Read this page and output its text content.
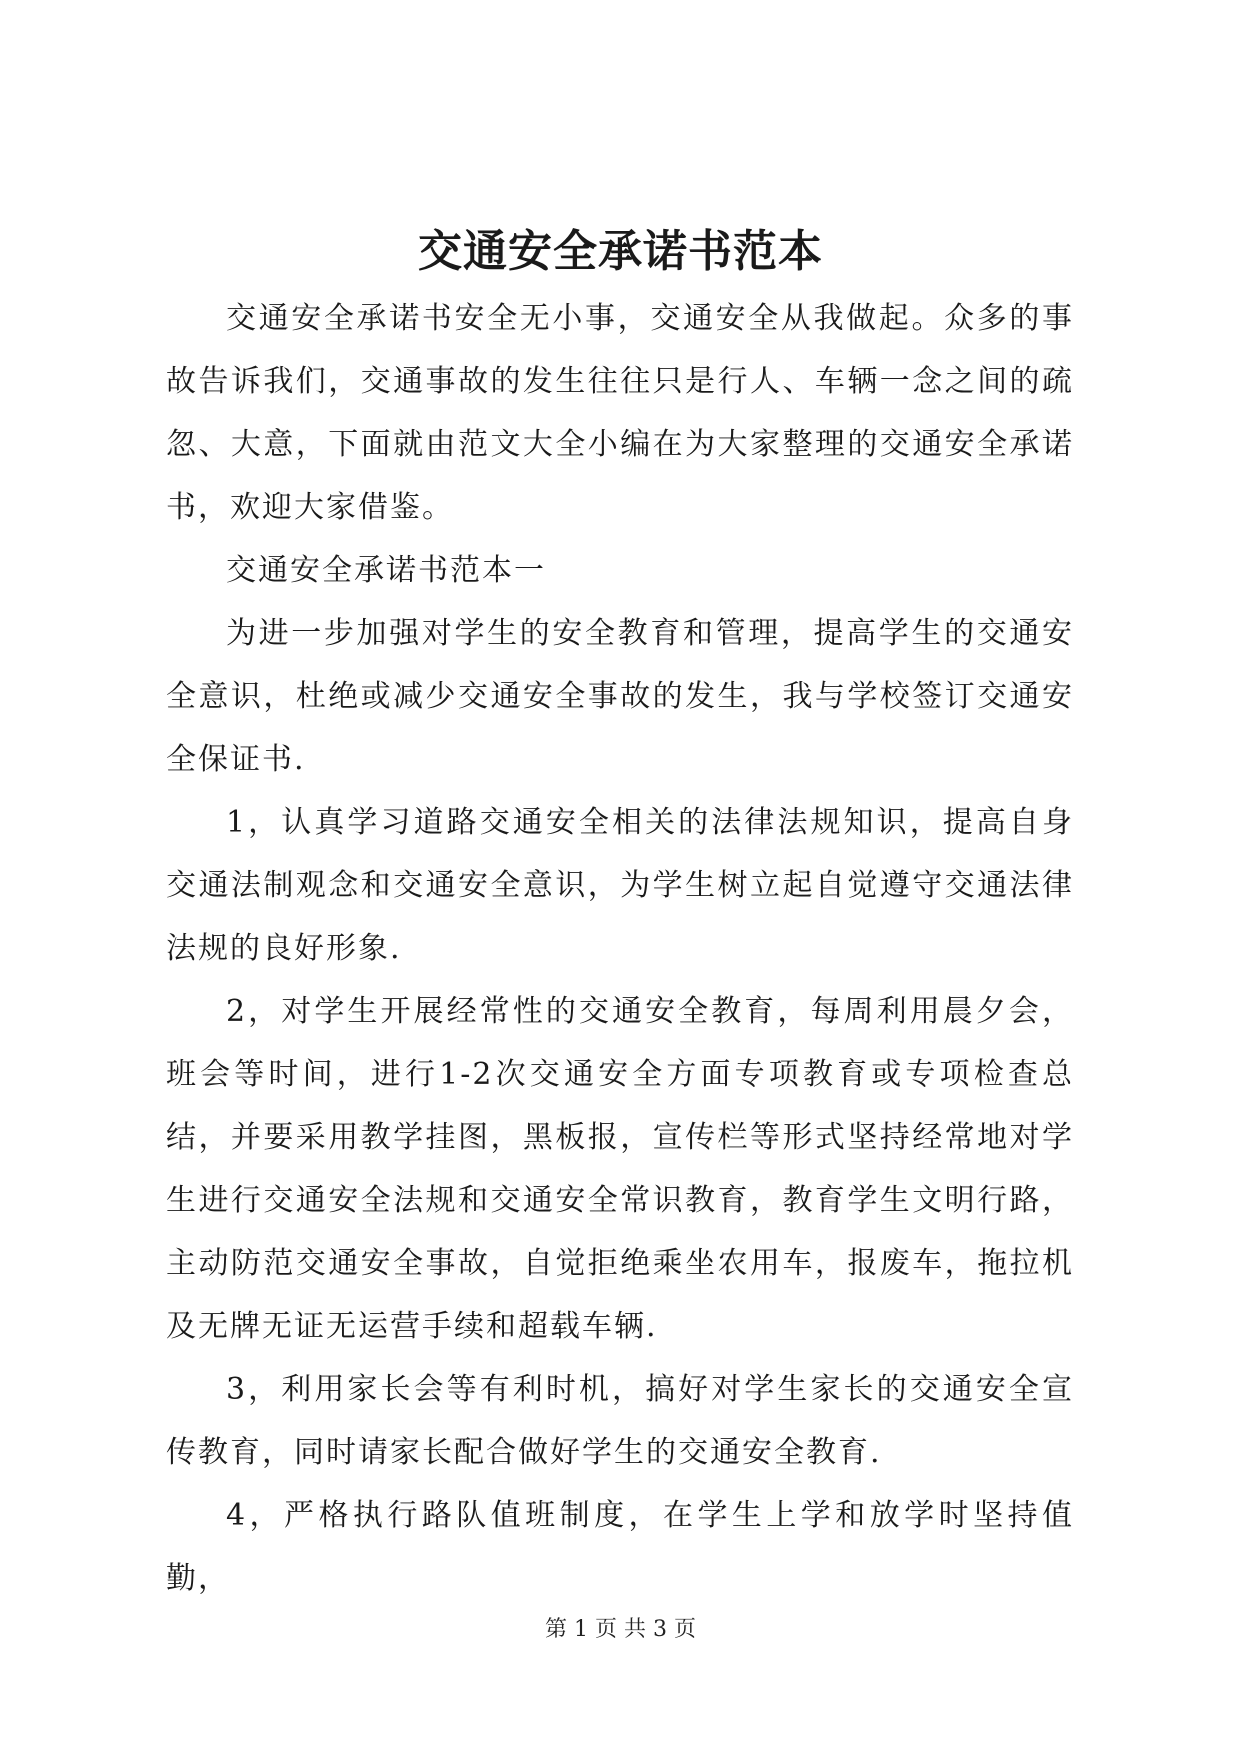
交通安全承诺书范本

交通安全承诺书安全无小事，交通安全从我做起。众多的事故告诉我们，交通事故的发生往往只是行人、车辆一念之间的疏忽、大意，下面就由范文大全小编在为大家整理的交通安全承诺书，欢迎大家借鉴。

交通安全承诺书范本一

为进一步加强对学生的安全教育和管理，提高学生的交通安全意识，杜绝或减少交通安全事故的发生，我与学校签订交通安全保证书.

1，认真学习道路交通安全相关的法律法规知识，提高自身交通法制观念和交通安全意识，为学生树立起自觉遵守交通法律法规的良好形象.

2，对学生开展经常性的交通安全教育，每周利用晨夕会，班会等时间，进行1-2次交通安全方面专项教育或专项检查总结，并要采用教学挂图，黑板报，宣传栏等形式坚持经常地对学生进行交通安全法规和交通安全常识教育，教育学生文明行路，主动防范交通安全事故，自觉拒绝乘坐农用车，报废车，拖拉机及无牌无证无运营手续和超载车辆.

3，利用家长会等有利时机，搞好对学生家长的交通安全宣传教育，同时请家长配合做好学生的交通安全教育.

4，严格执行路队值班制度，在学生上学和放学时坚持值勤，

第 1 页 共 3 页
